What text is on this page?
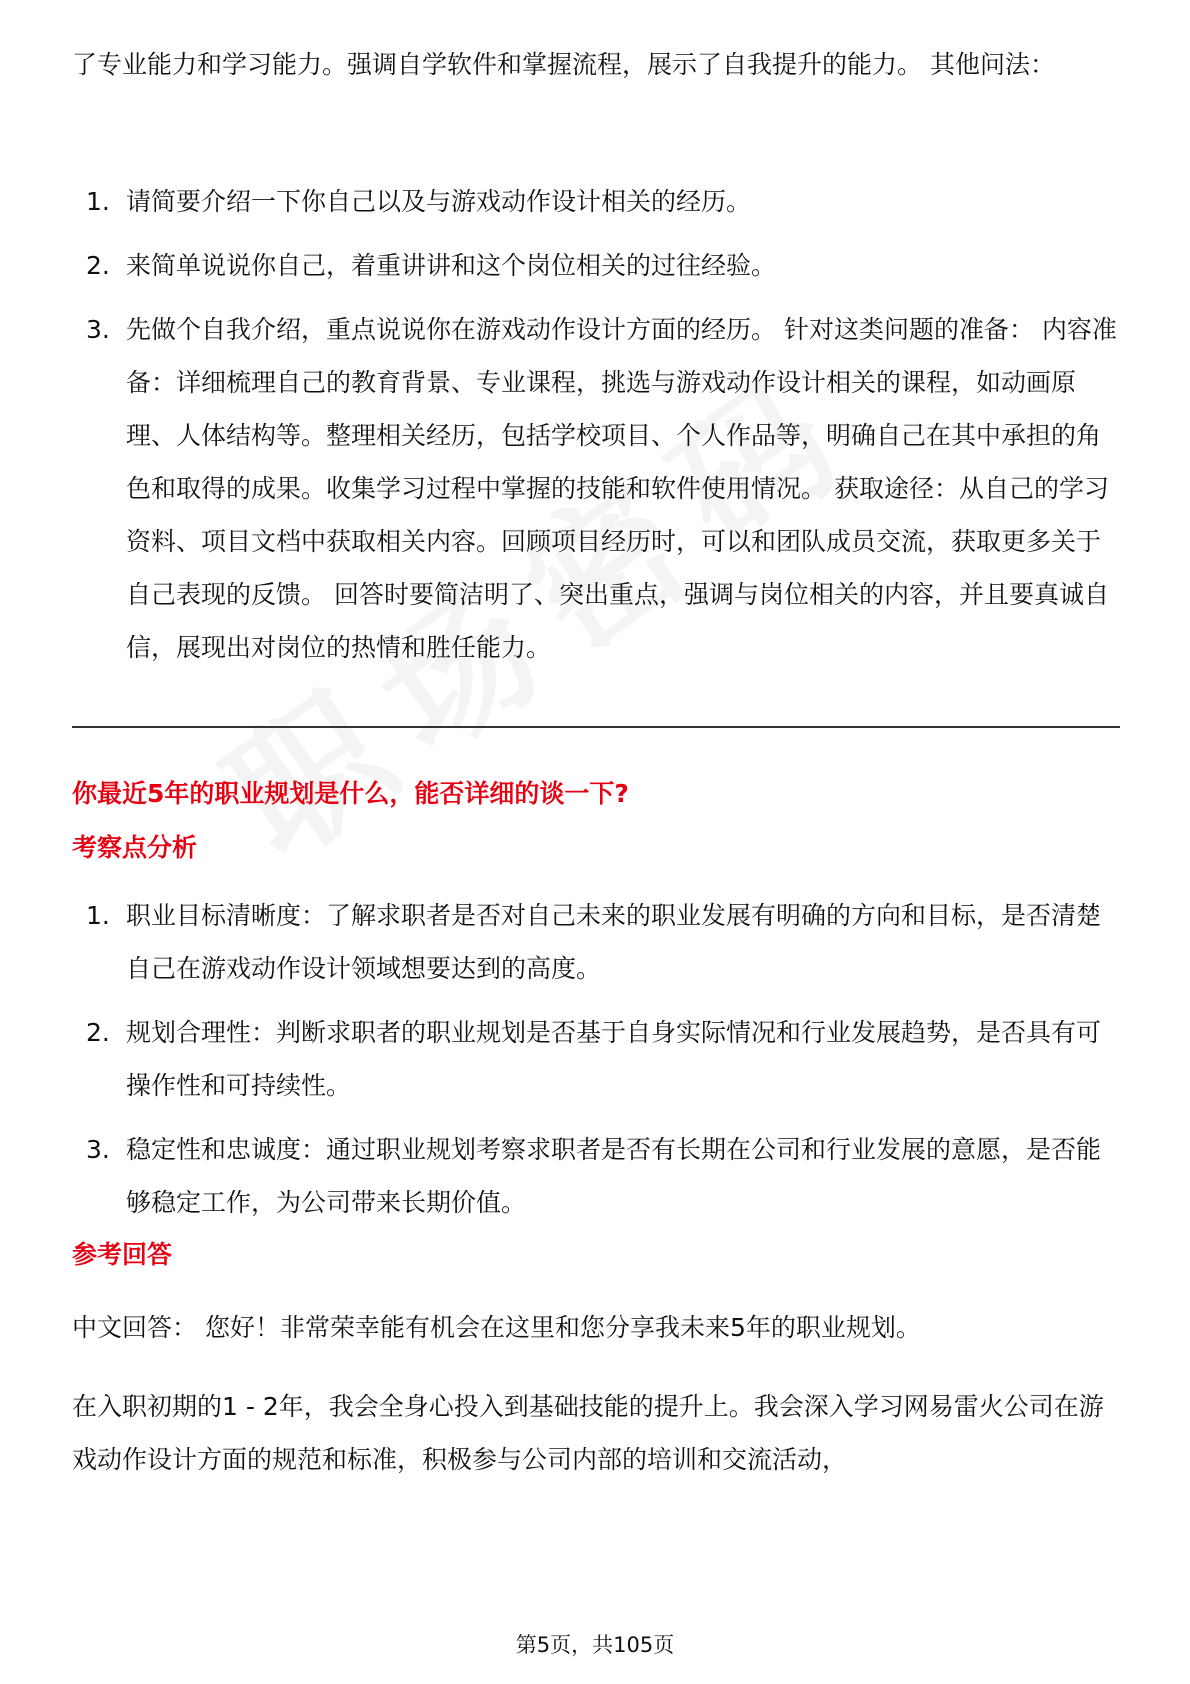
了专业能力和学习能力。强调自学软件和掌握流程，展示了自我提升的能力。 其他问法：

1. 请简要介绍一下你自己以及与游戏动作设计相关的经历。
2. 来简单说说你自己，着重讲讲和这个岗位相关的过往经验。
3. 先做个自我介绍，重点说说你在游戏动作设计方面的经历。 针对这类问题的准备： 内容准备：详细梳理自己的教育背景、专业课程，挑选与游戏动作设计相关的课程，如动画原理、人体结构等。整理相关经历，包括学校项目、个人作品等，明确自己在其中承担的角色和取得的成果。收集学习过程中掌握的技能和软件使用情况。 获取途径：从自己的学习资料、项目文档中获取相关内容。回顾项目经历时，可以和团队成员交流，获取更多关于自己表现的反馈。 回答时要简洁明了、突出重点，强调与岗位相关的内容，并且要真诚自信，展现出对岗位的热情和胜任能力。

你最近5年的职业规划是什么，能否详细的谈一下?

考察点分析

1. 职业目标清晰度：了解求职者是否对自己未来的职业发展有明确的方向和目标，是否清楚自己在游戏动作设计领域想要达到的高度。
2. 规划合理性：判断求职者的职业规划是否基于自身实际情况和行业发展趋势，是否具有可操作性和可持续性。
3. 稳定性和忠诚度：通过职业规划考察求职者是否有长期在公司和行业发展的意愿，是否能够稳定工作，为公司带来长期价值。

参考回答

中文回答： 您好！非常荣幸能有机会在这里和您分享我未来5年的职业规划。

在入职初期的1 - 2年，我会全身心投入到基础技能的提升上。我会深入学习网易雷火公司在游戏动作设计方面的规范和标准，积极参与公司内部的培训和交流活动，

第5页，共105页
